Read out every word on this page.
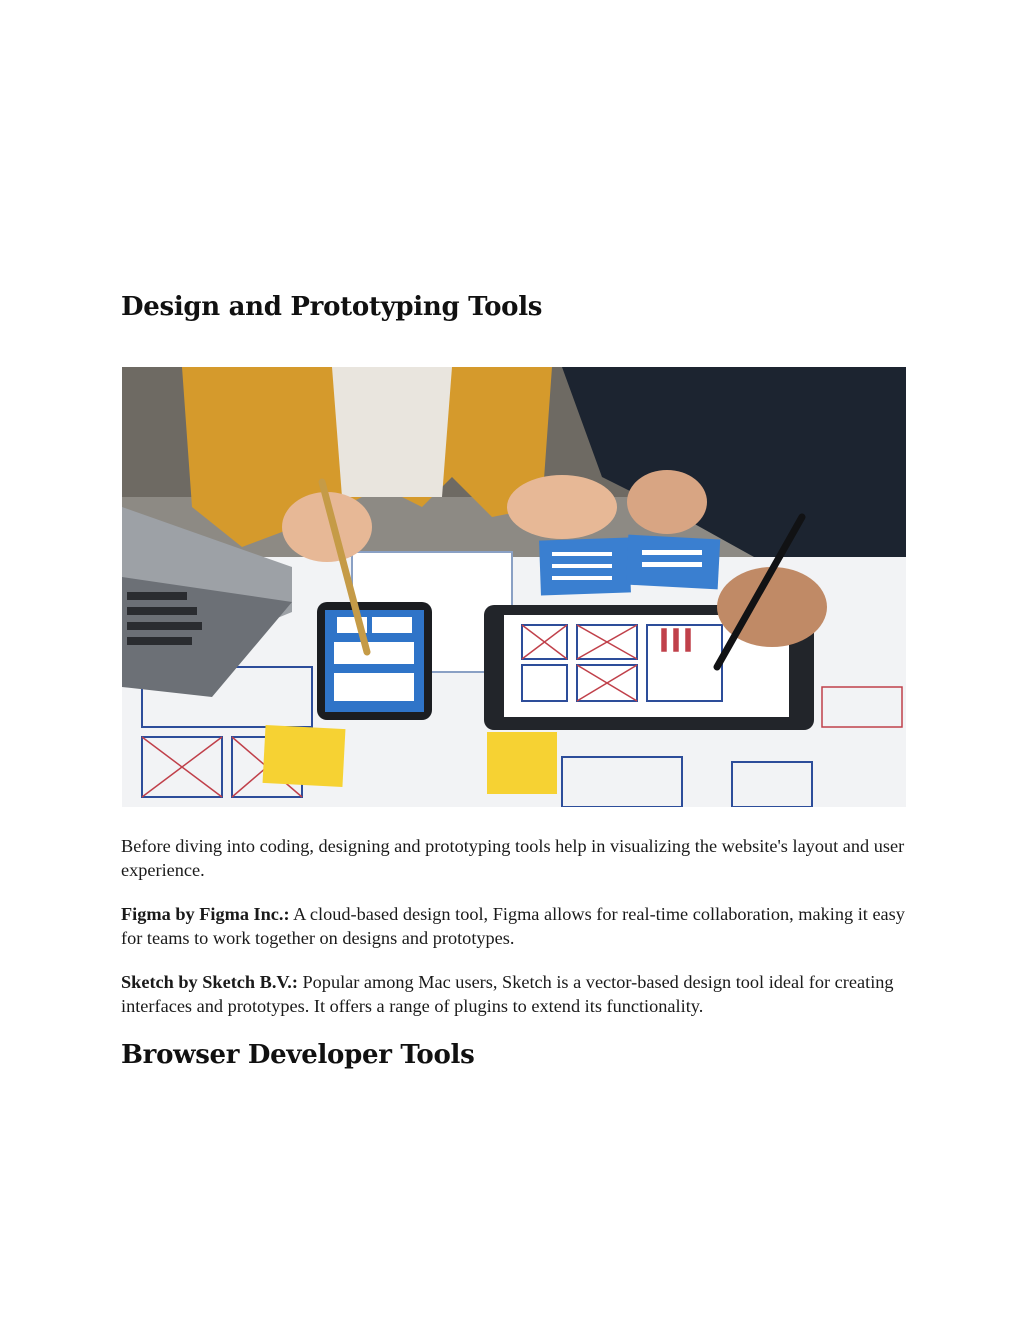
Design and Prototyping Tools

Before diving into coding, designing and prototyping tools help in visualizing the website's layout and user experience.

Figma by Figma Inc.: A cloud-based design tool, Figma allows for real-time collaboration, making it easy for teams to work together on designs and prototypes.

Sketch by Sketch B.V.: Popular among Mac users, Sketch is a vector-based design tool ideal for creating interfaces and prototypes. It offers a range of plugins to extend its functionality.

Browser Developer Tools
